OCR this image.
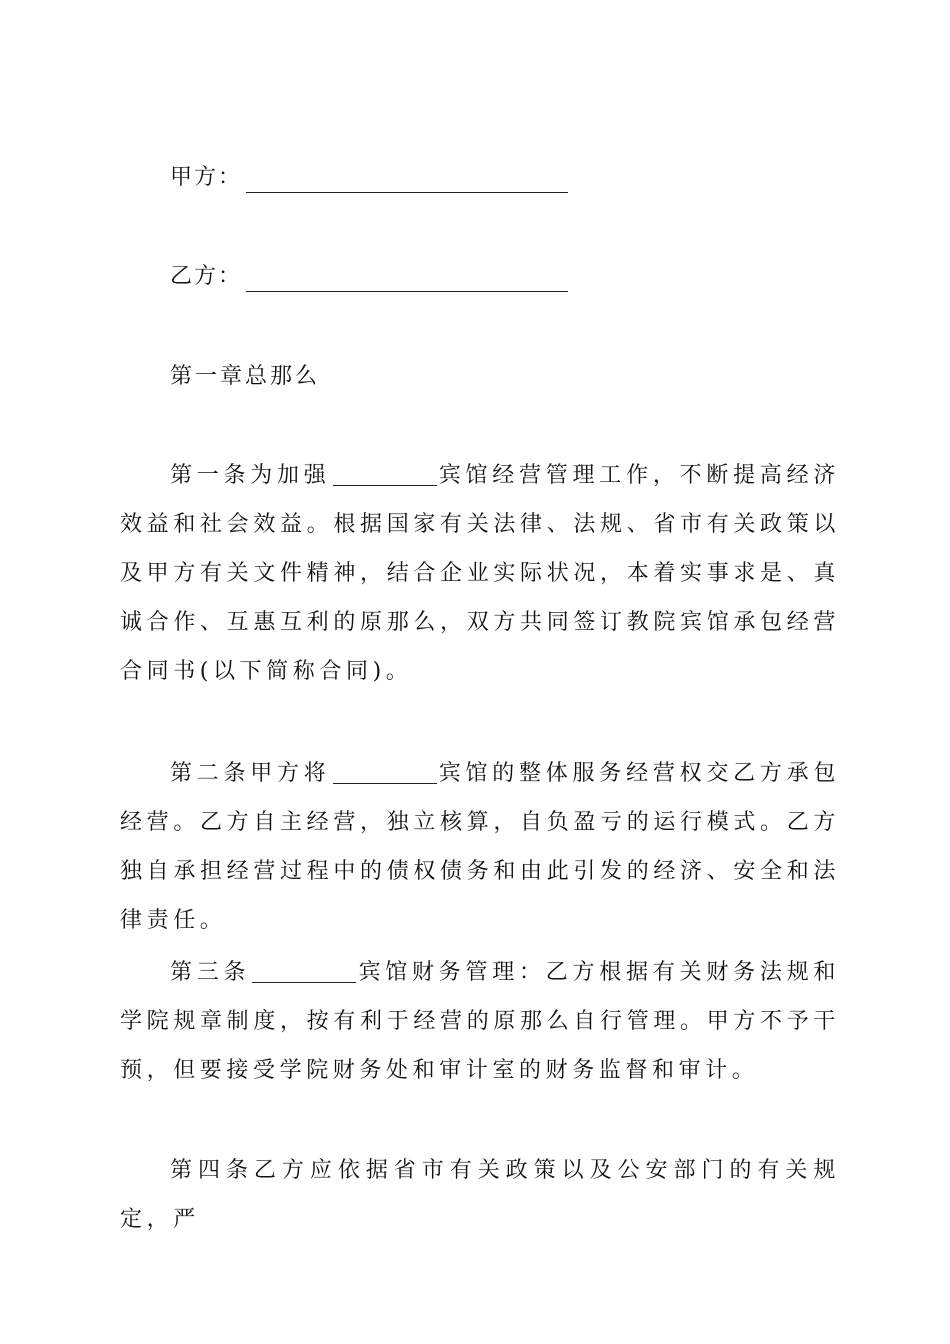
甲方：
乙方：
第一章总那么

第一条为加强	宾馆经营管理工作，不断提高经济效益和社会效益。根据国家有关法律、法规、省市有关政策以及甲方有关文件精神，结合企业实际状况，本着实事求是、真诚合作、互惠互利的原那么，双方共同签订教院宾馆承包经营合同书(以下简称合同)。

第二条甲方将	宾馆的整体服务经营权交乙方承包经营。乙方自主经营，独立核算，自负盈亏的运行模式。乙方独自承担经营过程中的债权债务和由此引发的经济、安全和法律责任。

第三条	宾馆财务管理：乙方根据有关财务法规和学院规章制度，按有利于经营的原那么自行管理。甲方不予干预，但要接受学院财务处和审计室的财务监督和审计。

第四条乙方应依据省市有关政策以及公安部门的有关规定，严
